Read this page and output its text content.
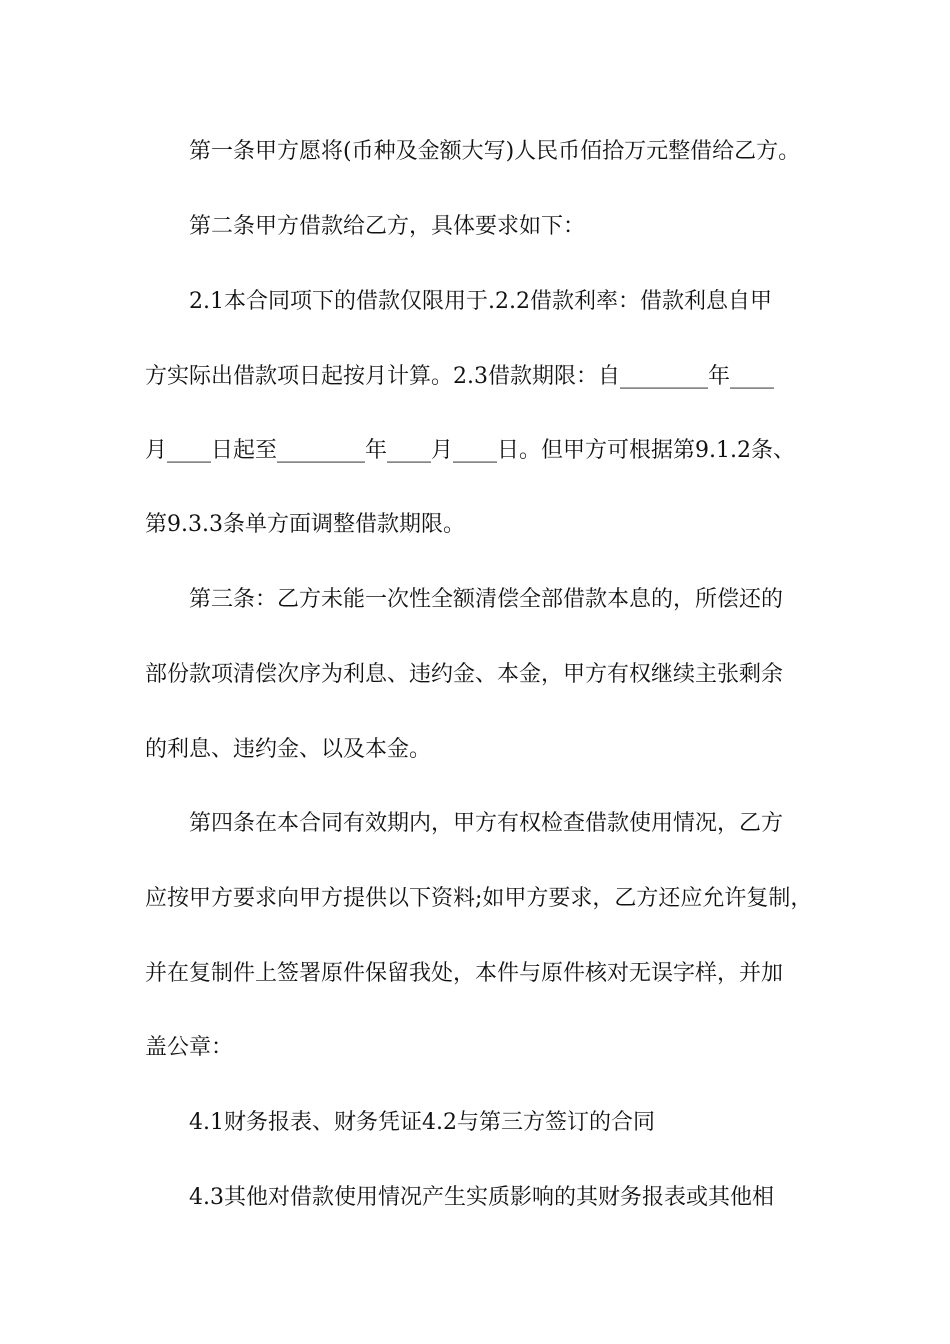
第一条甲方愿将(币种及金额大写)人民币佰拾万元整借给乙方。
第二条甲方借款给乙方，具体要求如下：
2.1本合同项下的借款仅限用于.2.2借款利率：借款利息自甲
方实际出借款项日起按月计算。2.3借款期限：自________年____
月____日起至________年____月____日。但甲方可根据第9.1.2条、
第9.3.3条单方面调整借款期限。
第三条：乙方未能一次性全额清偿全部借款本息的，所偿还的
部份款项清偿次序为利息、违约金、本金，甲方有权继续主张剩余
的利息、违约金、以及本金。
第四条在本合同有效期内，甲方有权检查借款使用情况，乙方
应按甲方要求向甲方提供以下资料;如甲方要求，乙方还应允许复制，
并在复制件上签署原件保留我处，本件与原件核对无误字样，并加
盖公章：
4.1财务报表、财务凭证4.2与第三方签订的合同
4.3其他对借款使用情况产生实质影响的其财务报表或其他相
